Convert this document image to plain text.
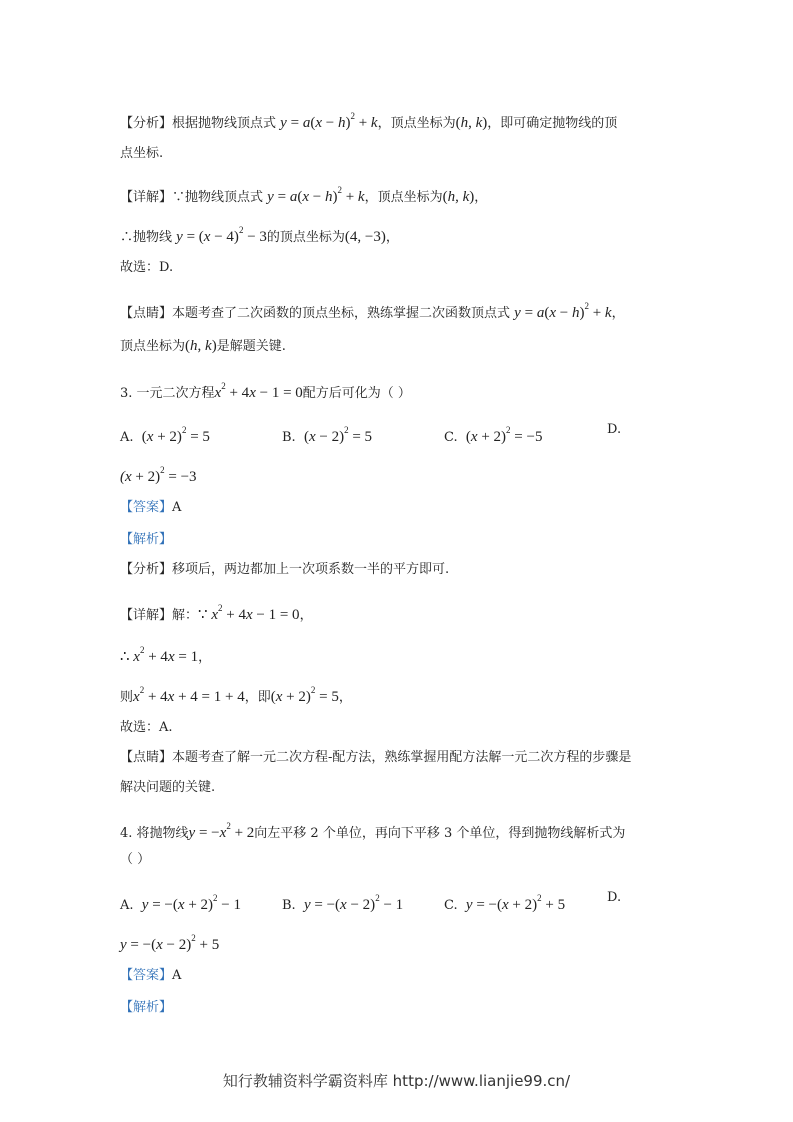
【分析】根据抛物线顶点式 $y = a(x - h)^2 + k$，顶点坐标为(h, k)，即可确定抛物线的顶
点坐标.
【详解】∵抛物线顶点式 $y = a(x - h)^2 + k$，顶点坐标为(h, k)，
∴抛物线 $y = (x - 4)^2 - 3$的顶点坐标为(4, −3)，
故选：D.
【点睛】本题考查了二次函数的顶点坐标，熟练掌握二次函数顶点式 $y = a(x - h)^2 + k$，
顶点坐标为(h, k)是解题关键.
3. 一元二次方程$x^2 + 4x - 1 = 0$配方后可化为（ ）
A. $(x + 2)^2 = 5$	B. $(x - 2)^2 = 5$	C. $(x + 2)^2 = -5$	D.
$(x + 2)^2 = -3$
【答案】A
【解析】
【分析】移项后，两边都加上一次项系数一半的平方即可.
【详解】解：∵ $x^2 + 4x - 1 = 0$，
∴ $x^2 + 4x = 1$，
则$x^2 + 4x + 4 = 1 + 4$，即$(x + 2)^2 = 5$，
故选：A.
【点睛】本题考查了解一元二次方程-配方法，熟练掌握用配方法解一元二次方程的步骤是
解决问题的关键.
4. 将抛物线$y = -x^2 + 2$向左平移 2 个单位，再向下平移 3 个单位，得到抛物线解析式为
（ ）
A. $y = -(x + 2)^2 - 1$	B. $y = -(x - 2)^2 - 1$	C. $y = -(x + 2)^2 + 5$	D.
$y = -(x - 2)^2 + 5$
【答案】A
【解析】
知行教辅资料学霸资料库 http://www.lianjie99.cn/
